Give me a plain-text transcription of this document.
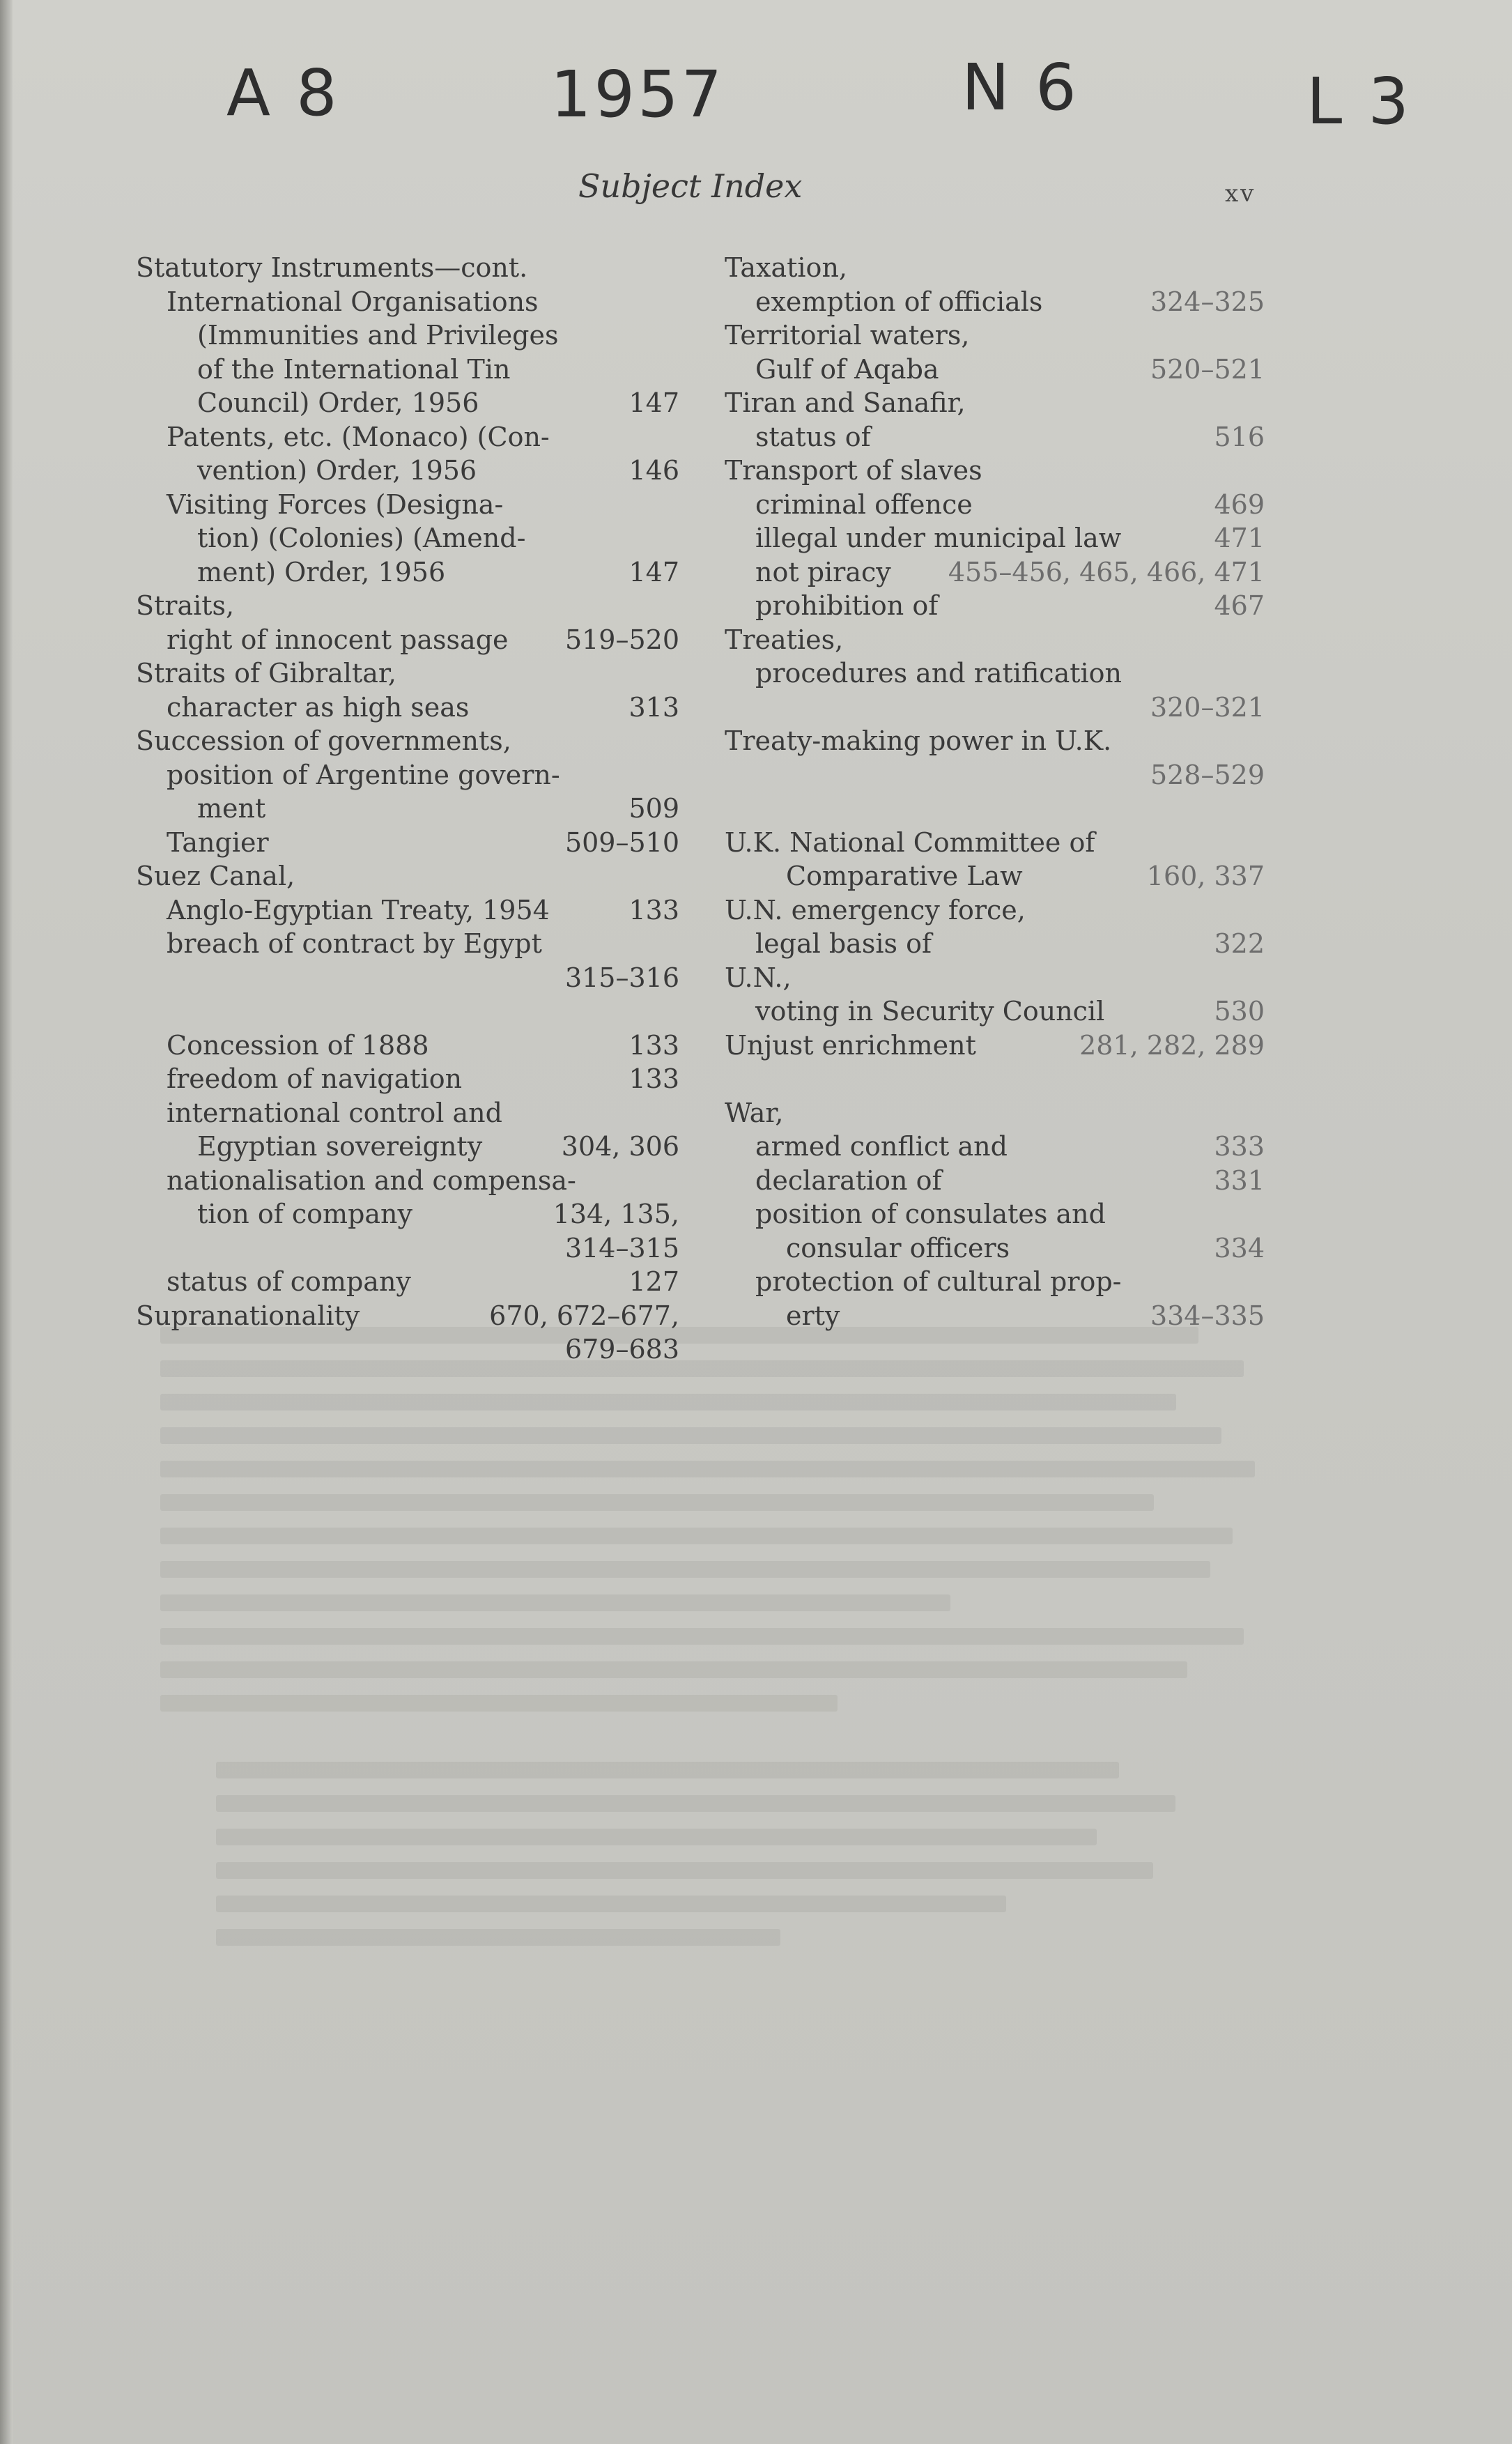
A 8	1957	N 6	L 3
Subject Index	xv
Statutory Instruments—cont.
International Organisations
(Immunities and Privileges
of the International Tin
Council) Order, 1956	147
Patents, etc. (Monaco) (Con-
vention) Order, 1956	146
Visiting Forces (Designa-
tion) (Colonies) (Amend-
ment) Order, 1956	147
Straits,
right of innocent passage 519–520
Straits of Gibraltar,
character as high seas	313
Succession of governments,
position of Argentine govern-
ment	509
Tangier	509–510
Suez Canal,
Anglo-Egyptian Treaty, 1954	133
breach of contract by Egypt
315–316
Concession of 1888	133
freedom of navigation	133
international control and
Egyptian sovereignty	304, 306
nationalisation and compensa-
tion of company	134, 135,
314–315
status of company	127
Supranationality	670, 672–677,
679–683
Taxation,
exemption of officials	324–325
Territorial waters,
Gulf of Aqaba	520–521
Tiran and Sanafir,
status of	516
Transport of slaves
criminal offence	469
illegal under municipal law	471
not piracy 455–456, 465, 466, 471
prohibition of	467
Treaties,
procedures and ratification
320–321
Treaty-making power in U.K.
528–529
U.K. National Committee of
Comparative Law	160, 337
U.N. emergency force,
legal basis of	322
U.N.,
voting in Security Council	530
Unjust enrichment	281, 282, 289
War,
armed conflict and	333
declaration of	331
position of consulates and
consular officers	334
protection of cultural prop-
erty	334–335
